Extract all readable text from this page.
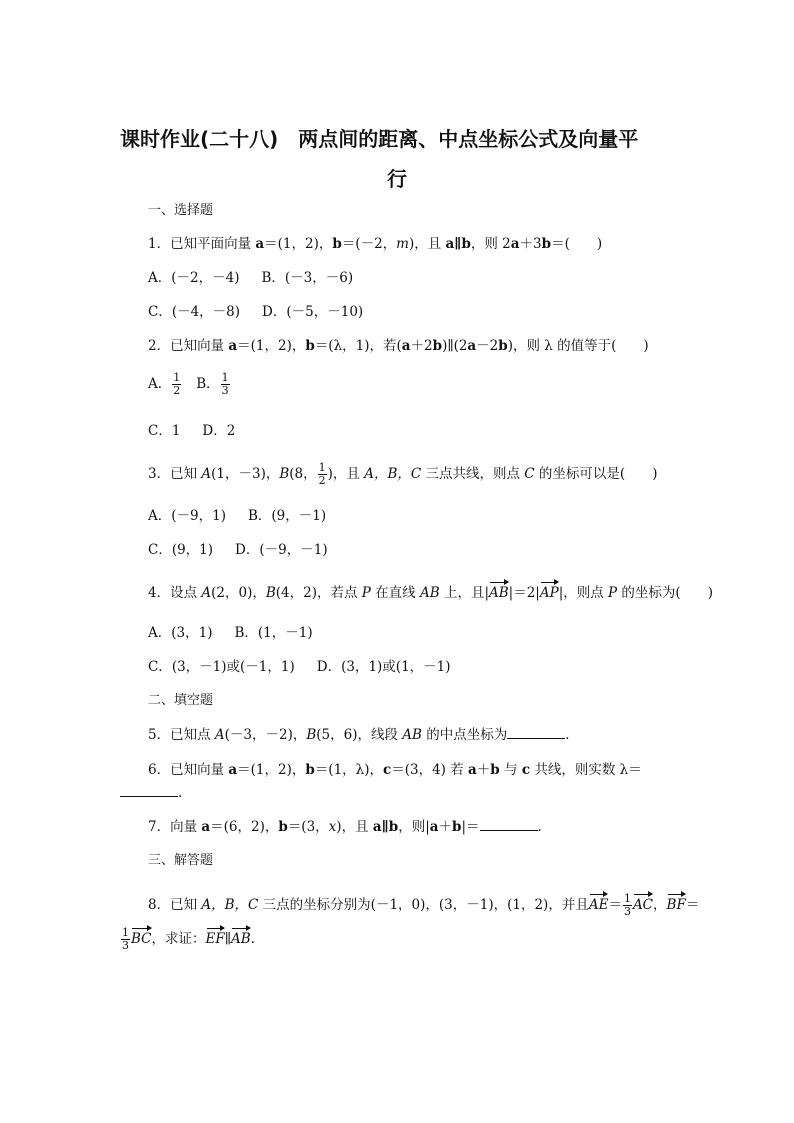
课时作业(二十八)　两点间的距离、中点坐标公式及向量平
行
一、选择题
1．已知平面向量 a＝(1，2)，b＝(－2，m)，且 a∥b，则 2a＋3b＝(　　)
A．(－2，－4) B．(－3，－6)
C．(－4，－8) D．(－5，－10)
2．已知向量 a＝(1，2)，b＝(λ，1)，若(a＋2b)∥(2a－2b)，则 λ 的值等于(　　)
A． $\frac{1}{2}$ B． $\frac{1}{3}$
C．1 D．2
3．已知 A(1，－3)，B(8， $\frac{1}{2}$ )，且 A，B，C 三点共线，则点 C 的坐标可以是(　　)
A．(－9，1) B．(9，－1)
C．(9，1) D．(－9，－1)
4．设点 A(2，0)，B(4，2)，若点 P 在直线 AB 上，且|AB|＝2|AP|，则点 P 的坐标为(　　)
A．(3，1) B．(1，－1)
C．(3，－1)或(－1，1) D．(3，1)或(1，－1)
二、填空题
5．已知点 A(－3，－2)，B(5，6)，线段 AB 的中点坐标为	．
6．已知向量 a＝(1，2)，b＝(1，λ)，c＝(3，4) 若 a＋b 与 c 共线，则实数 λ＝
．
7．向量 a＝(6，2)，b＝(3，x)，且 a∥b，则|a＋b|＝	．
三、解答题
8．已知 A，B，C 三点的坐标分别为(－1，0)，(3，－1)，(1，2)，并且$AE= \frac{1}{3}$ AC，BF＝
$\frac{1}{3}$ BC，求证：EF∥AB.
